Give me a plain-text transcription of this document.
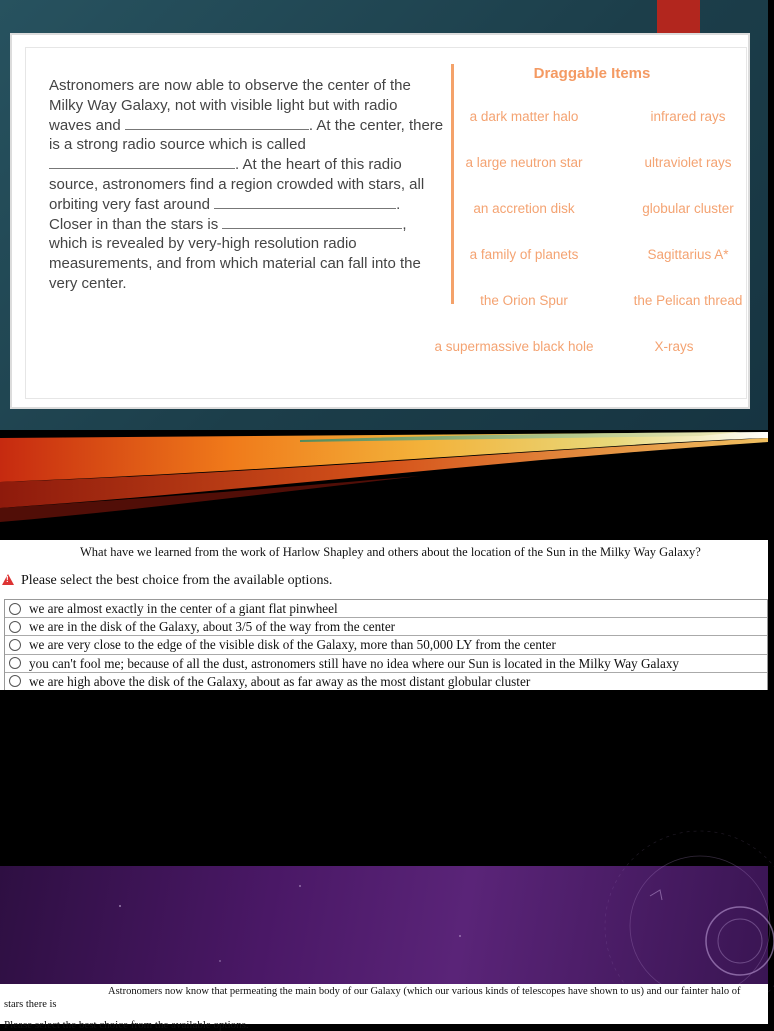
Astronomers are now able to observe the center of the Milky Way Galaxy, not with visible light but with radio waves and	. At the center, there is a strong radio source which is called . At the heart of this radio source, astronomers find a region crowded with stars, all orbiting very fast around	.
Closer in than the stars is	, which is revealed by very-high resolution radio measurements, and from which material can fall into the very center.
Draggable Items
a dark matter halo	infrared rays
a large neutron star	ultraviolet rays
an accretion disk	globular cluster
a family of planets	Sagittarius A*
the Orion Spur	the Pelican thread
a supermassive black hole	X-rays
What have we learned from the work of Harlow Shapley and others about the location of the Sun in the Milky Way Galaxy?
!Please select the best choice from the available options.
we are almost exactly in the center of a giant flat pinwheel
we are in the disk of the Galaxy, about 3/5 of the way from the center
we are very close to the edge of the visible disk of the Galaxy, more than 50,000 LY from the center
you can't fool me; because of all the dust, astronomers still have no idea where our Sun is located in the Milky Way Galaxy
we are high above the disk of the Galaxy, about as far away as the most distant globular cluster
Astronomers now know that permeating the main body of our Galaxy (which our various kinds of telescopes have shown to us) and our fainter halo of stars there is
Please select the best choice from the available options.
